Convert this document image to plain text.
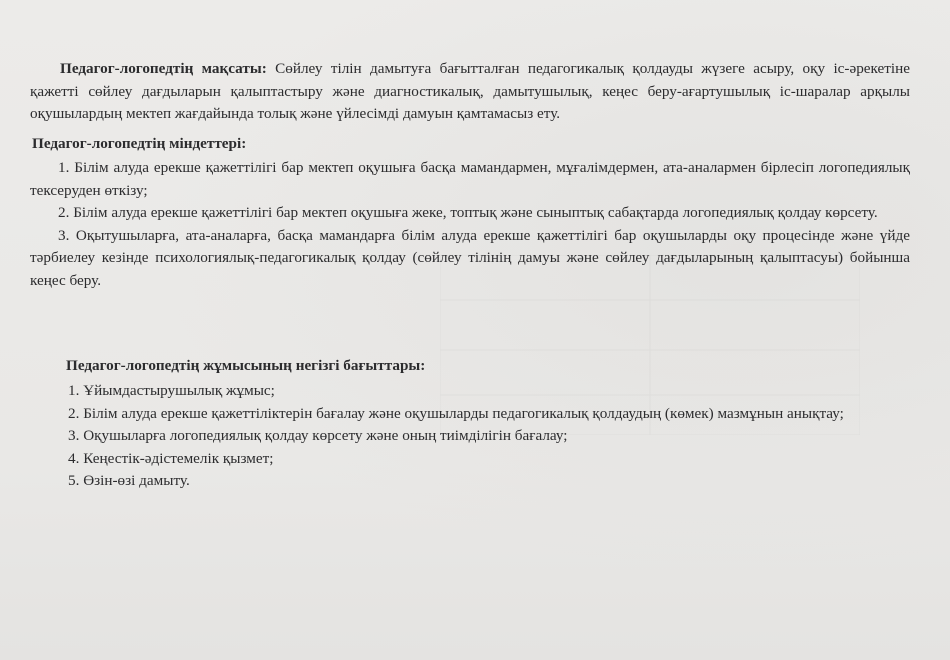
Педагог-логопедтің мақсаты: Сөйлеу тілін дамытуға бағытталған педагогикалық қолдауды жүзеге асыру, оқу іс-әрекетіне қажетті сөйлеу дағдыларын қалыптастыру және диагностикалық, дамытушылық, кеңес беру-ағартушылық іс-шаралар арқылы оқушылардың мектеп жағдайында толық және үйлесімді дамуын қамтамасыз ету.
Педагог-логопедтің міндеттері:

1. Білім алуда ерекше қажеттілігі бар мектеп оқушыға басқа мамандармен, мұғалімдермен, ата-аналармен бірлесіп логопедиялық тексеруден өткізу;

2. Білім алуда ерекше қажеттілігі бар мектеп оқушыға жеке, топтық және сыныптық сабақтарда логопедиялық қолдау көрсету.

3. Оқытушыларға, ата-аналарға, басқа мамандарға білім алуда ерекше қажеттілігі бар оқушыларды оқу процесінде және үйде тәрбиелеу кезінде психологиялық-педагогикалық қолдау (сөйлеу тілінің дамуы және сөйлеу дағдыларының қалыптасуы) бойынша кеңес беру.

Педагог-логопедтің жұмысының негізгі бағыттары:

1. Ұйымдастырушылық жұмыс;

2. Білім алуда ерекше қажеттіліктерін бағалау және оқушыларды педагогикалық қолдаудың (көмек) мазмұнын анықтау;

3. Оқушыларға логопедиялық қолдау көрсету және оның тиімділігін бағалау;

4. Кеңестік-әдістемелік қызмет;

5. Өзін-өзі дамыту.
